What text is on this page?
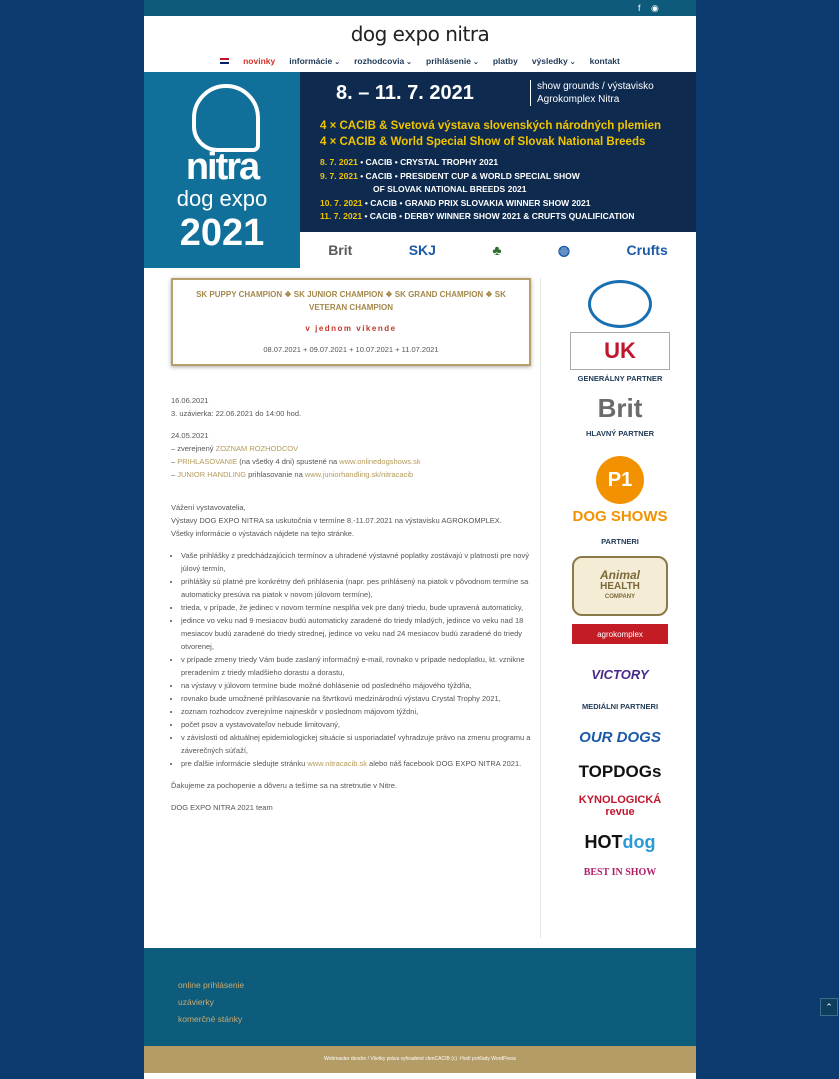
f ◉
dog expo nitra
novinky informácie ⌄ rozhodcovia ⌄ prihlásenie ⌄ platby výsledky ⌄ kontakt
nitra
dog expo
2021
8. – 11. 7. 2021	show grounds / výstavisko
Agrokomplex Nitra
4 × CACIB & Svetová výstava slovenských národných plemien
4 × CACIB & World Special Show of Slovak National Breeds
8. 7. 2021 • CACIB • CRYSTAL TROPHY 2021
9. 7. 2021 • CACIB • PRESIDENT CUP & WORLD SPECIAL SHOW
OF SLOVAK NATIONAL BREEDS 2021
10. 7. 2021 • CACIB • GRAND PRIX SLOVAKIA WINNER SHOW 2021
11. 7. 2021 • CACIB • DERBY WINNER SHOW 2021 & CRUFTS QUALIFICATION
Brit	SKJ	♣	◍	Crufts
SK PUPPY CHAMPION ❖ SK JUNIOR CHAMPION ❖ SK GRAND CHAMPION ❖ SK VETERAN CHAMPION
v jednom víkende
08.07.2021 + 09.07.2021 + 10.07.2021 + 11.07.2021
16.06.2021
3. uzávierka: 22.06.2021 do 14:00 hod.
24.05.2021
– zverejnený ZOZNAM ROZHODCOV
– PRIHLASOVANIE (na všetky 4 dni) spustené na www.onlinedogshows.sk
– JUNIOR HANDLING prihlasovanie na www.juniorhandling.sk/nitracacib
Vážení vystavovatelia,
Výstavy DOG EXPO NITRA sa uskutočnia v termíne 8.-11.07.2021 na výstavisku AGROKOMPLEX.
Všetky informácie o výstavách nájdete na tejto stránke.
• Vaše prihlášky z predchádzajúcich termínov a uhradené výstavné poplatky zostávajú v platnosti pre nový júlový termín,
• prihlášky sú platné pre konkrétny deň prihlásenia (napr. pes prihlásený na piatok v pôvodnom termíne sa automaticky presúva na piatok v novom júlovom termíne),
• trieda, v prípade, že jedinec v novom termíne nesplňa vek pre daný triedu, bude upravená automaticky,
• jedince vo veku nad 9 mesiacov budú automaticky zaradené do triedy mladých, jedince vo veku nad 18 mesiacov budú zaradené do triedy strednej, jedince vo veku nad 24 mesiacov budú zaradené do triedy otvorenej,
• v prípade zmeny triedy Vám bude zaslaný informačný e-mail, rovnako v prípade nedoplatku, kt. vznikne preradením z triedy mladšieho dorastu a dorastu,
• na výstavy v júlovom termíne bude možné dohlásenie od posledného májového týždňa,
• rovnako bude umožnené prihlasovanie na štvrtkovú medzinárodnú výstavu Crystal Trophy 2021,
• zoznam rozhodcov zverejníme najneskôr v poslednom májovom týždni,
• počet psov a vystavovateľov nebude limitovaný,
• v závislosti od aktuálnej epidemiologickej situácie si usporiadateľ vyhradzuje právo na zmenu programu a záverečných súťaží,
• pre ďalšie informácie sledujte stránku www.nitracacib.sk alebo náš facebook DOG EXPO NITRA 2021.
Ďakujeme za pochopenie a dôveru a tešíme sa na stretnutie v Nitre.
DOG EXPO NITRA 2021 team
UK
GENERÁLNY PARTNER
Brit
HLAVNÝ PARTNER
P1
DOG SHOWS
PARTNERI
Animal
HEALTH
COMPANY
agrokomplex
VICTORY
MEDIÁLNI PARTNERI
OUR DOGS
TOPDOGs
KYNOLOGICKÁ
revue
HOT dog
BEST IN SHOW
online prihlásenie
uzávierky
komerčné stánky
Webmaster dexdre / Všetky práva vyhradené clenCACIB (c) ·Hodí pohľady WordPress
⌃
